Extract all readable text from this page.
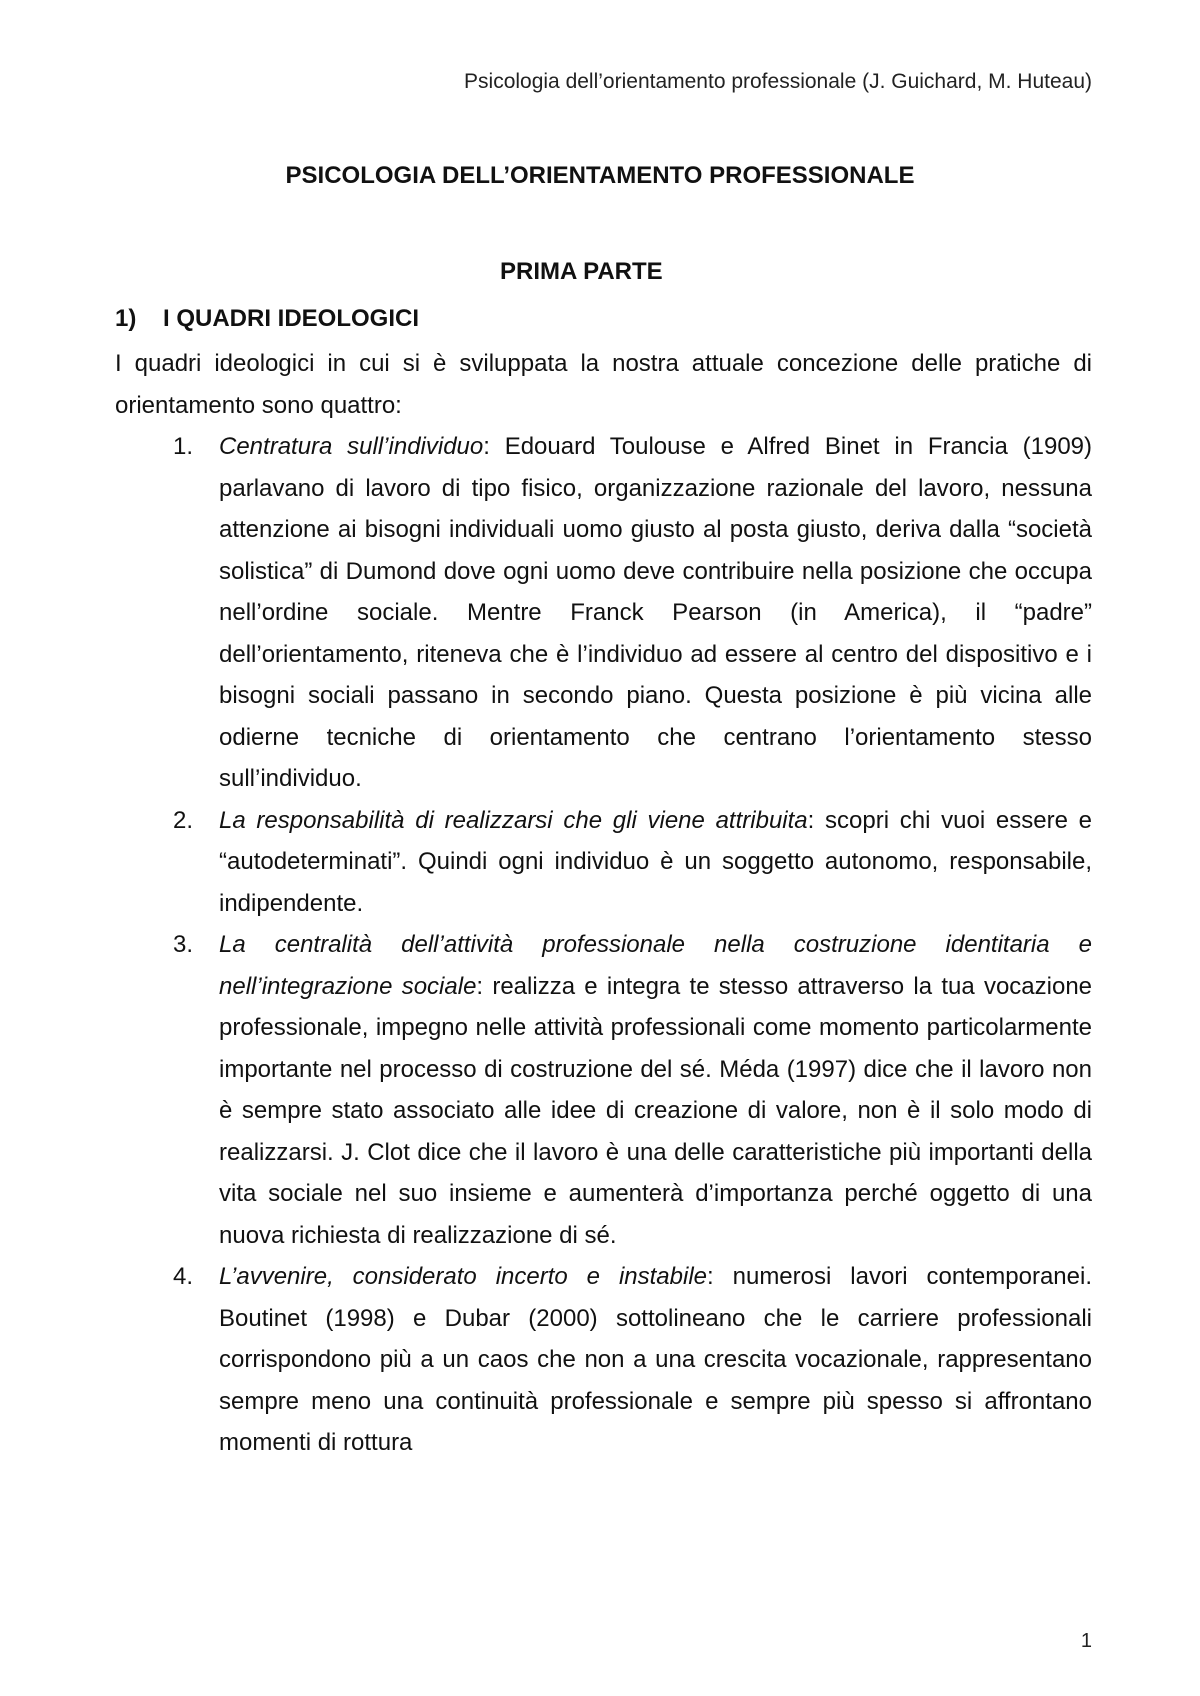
Psicologia dell’orientamento professionale (J. Guichard, M. Huteau)
PSICOLOGIA DELL’ORIENTAMENTO PROFESSIONALE
PRIMA PARTE
1) I QUADRI IDEOLOGICI

I quadri ideologici in cui si è sviluppata la nostra attuale concezione delle pratiche di orientamento sono quattro:

1. Centratura sull’individuo: Edouard Toulouse e Alfred Binet in Francia (1909) parlavano di lavoro di tipo fisico, organizzazione razionale del lavoro, nessuna attenzione ai bisogni individuali uomo giusto al posta giusto, deriva dalla “società solistica” di Dumond dove ogni uomo deve contribuire nella posizione che occupa nell’ordine sociale. Mentre Franck Pearson (in America), il “padre” dell’orientamento, riteneva che è l’individuo ad essere al centro del dispositivo e i bisogni sociali passano in secondo piano. Questa posizione è più vicina alle odierne tecniche di orientamento che centrano l’orientamento stesso sull’individuo.
2. La responsabilità di realizzarsi che gli viene attribuita: scopri chi vuoi essere e “autodeterminati”. Quindi ogni individuo è un soggetto autonomo, responsabile, indipendente.
3. La centralità dell’attività professionale nella costruzione identitaria e nell’integrazione sociale: realizza e integra te stesso attraverso la tua vocazione professionale, impegno nelle attività professionali come momento particolarmente importante nel processo di costruzione del sé. Méda (1997) dice che il lavoro non è sempre stato associato alle idee di creazione di valore, non è il solo modo di realizzarsi. J. Clot dice che il lavoro è una delle caratteristiche più importanti della vita sociale nel suo insieme e aumenterà d’importanza perché oggetto di una nuova richiesta di realizzazione di sé.
4. L’avvenire, considerato incerto e instabile: numerosi lavori contemporanei. Boutinet (1998) e Dubar (2000) sottolineano che le carriere professionali corrispondono più a un caos che non a una crescita vocazionale, rappresentano sempre meno una continuità professionale e sempre più spesso si affrontano momenti di rottura
1
